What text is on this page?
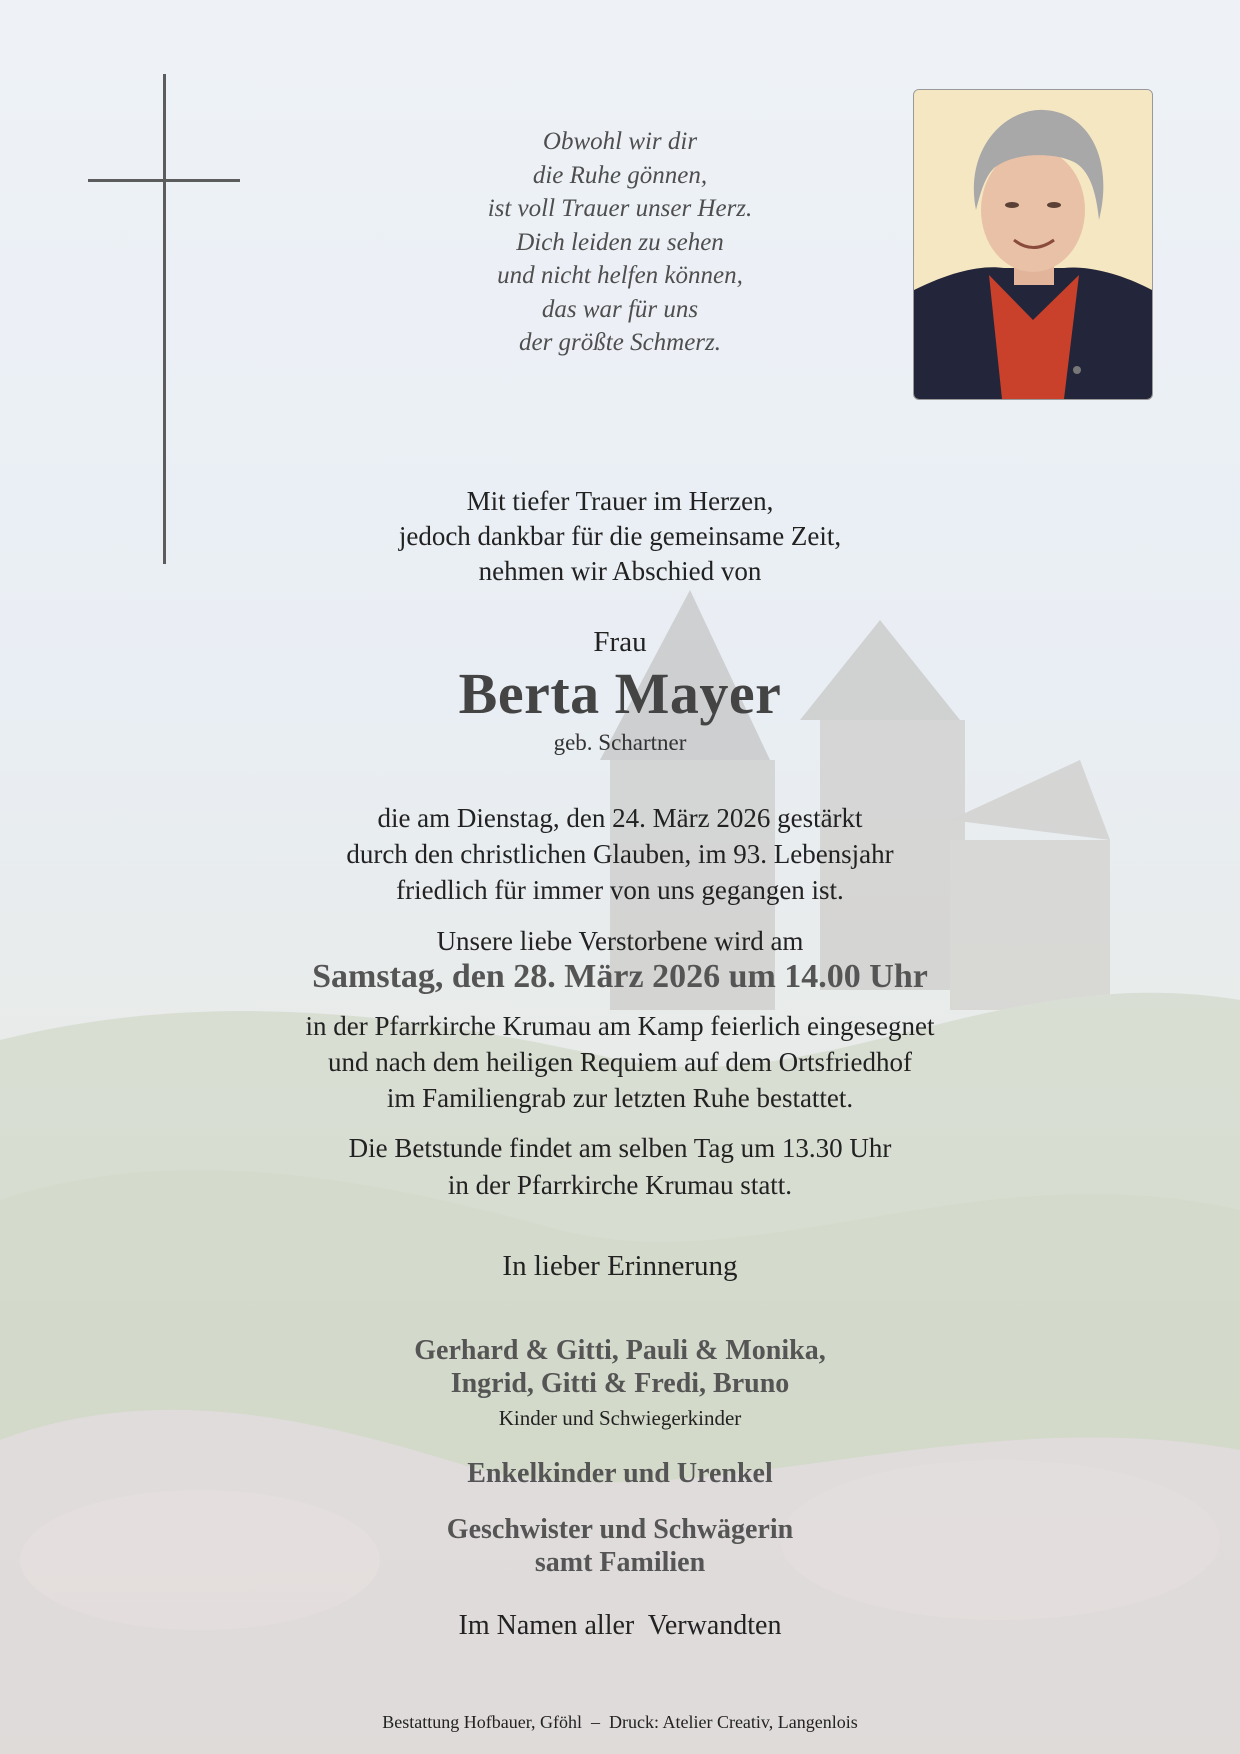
Obwohl wir dir
die Ruhe gönnen,
ist voll Trauer unser Herz.
Dich leiden zu sehen
und nicht helfen können,
das war für uns
der größte Schmerz.
Mit tiefer Trauer im Herzen,
jedoch dankbar für die gemeinsame Zeit,
nehmen wir Abschied von
Frau
Berta Mayer
geb. Schartner
die am Dienstag, den 24. März 2026 gestärkt
durch den christlichen Glauben, im 93. Lebensjahr
friedlich für immer von uns gegangen ist.
Unsere liebe Verstorbene wird am
Samstag, den 28. März 2026 um 14.00 Uhr
in der Pfarrkirche Krumau am Kamp feierlich eingesegnet
und nach dem heiligen Requiem auf dem Ortsfriedhof
im Familiengrab zur letzten Ruhe bestattet.
Die Betstunde findet am selben Tag um 13.30 Uhr
in der Pfarrkirche Krumau statt.
In lieber Erinnerung
Gerhard & Gitti, Pauli & Monika,
Ingrid, Gitti & Fredi, Bruno
Kinder und Schwiegerkinder
Enkelkinder und Urenkel
Geschwister und Schwägerin
samt Familien
Im Namen aller  Verwandten
Bestattung Hofbauer, Gföhl  –  Druck: Atelier Creativ, Langenlois
